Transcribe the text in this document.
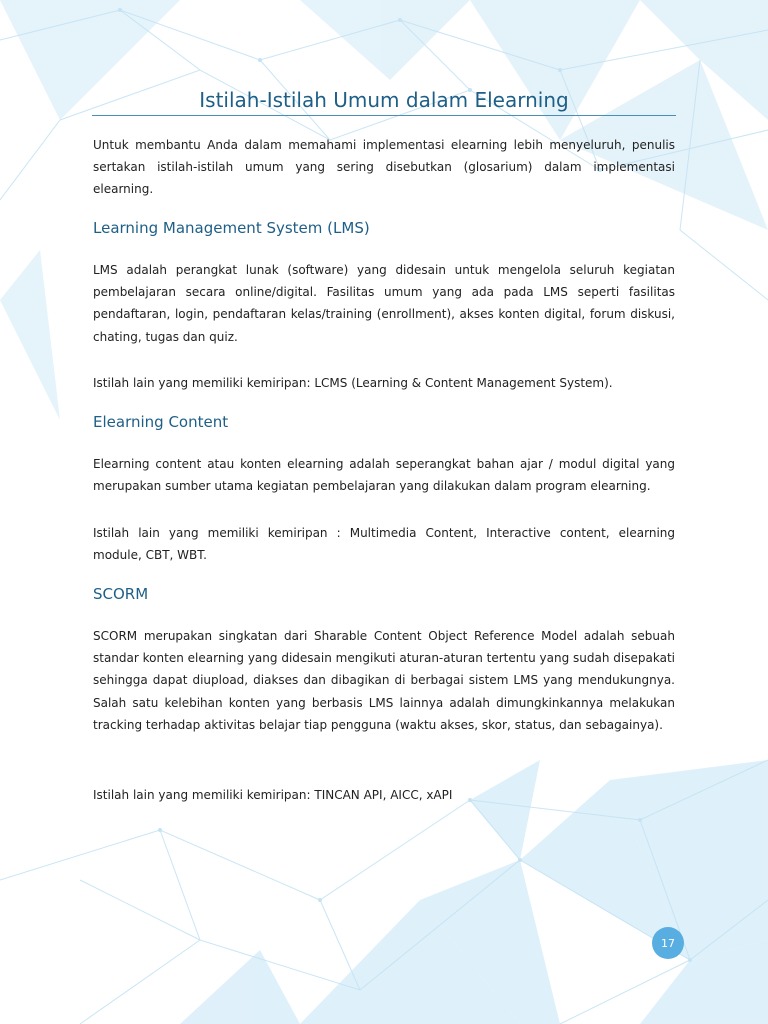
Istilah-Istilah Umum dalam Elearning

Untuk membantu Anda dalam memahami implementasi elearning lebih menyeluruh, penulis sertakan istilah-istilah umum yang sering disebutkan (glosarium) dalam implementasi elearning.

Learning Management System (LMS)

LMS adalah perangkat lunak (software) yang didesain untuk mengelola seluruh kegiatan pembelajaran secara online/digital. Fasilitas umum yang ada pada LMS seperti fasilitas pendaftaran, login, pendaftaran kelas/training (enrollment), akses konten digital, forum diskusi, chating, tugas dan quiz.

Istilah lain yang memiliki kemiripan: LCMS (Learning & Content Management System).

Elearning Content

Elearning content atau konten elearning adalah seperangkat bahan ajar / modul digital yang merupakan sumber utama kegiatan pembelajaran yang dilakukan dalam program elearning.

Istilah lain yang memiliki kemiripan : Multimedia Content, Interactive content, elearning module, CBT, WBT.

SCORM

SCORM merupakan singkatan dari Sharable Content Object Reference Model adalah sebuah standar konten elearning yang didesain mengikuti aturan-aturan tertentu yang sudah disepakati sehingga dapat diupload, diakses dan dibagikan di berbagai sistem LMS yang mendukungnya. Salah satu kelebihan konten yang berbasis LMS lainnya adalah dimungkinkannya melakukan tracking terhadap aktivitas belajar tiap pengguna (waktu akses, skor, status, dan sebagainya).

Istilah lain yang memiliki kemiripan: TINCAN API, AICC, xAPI

17
